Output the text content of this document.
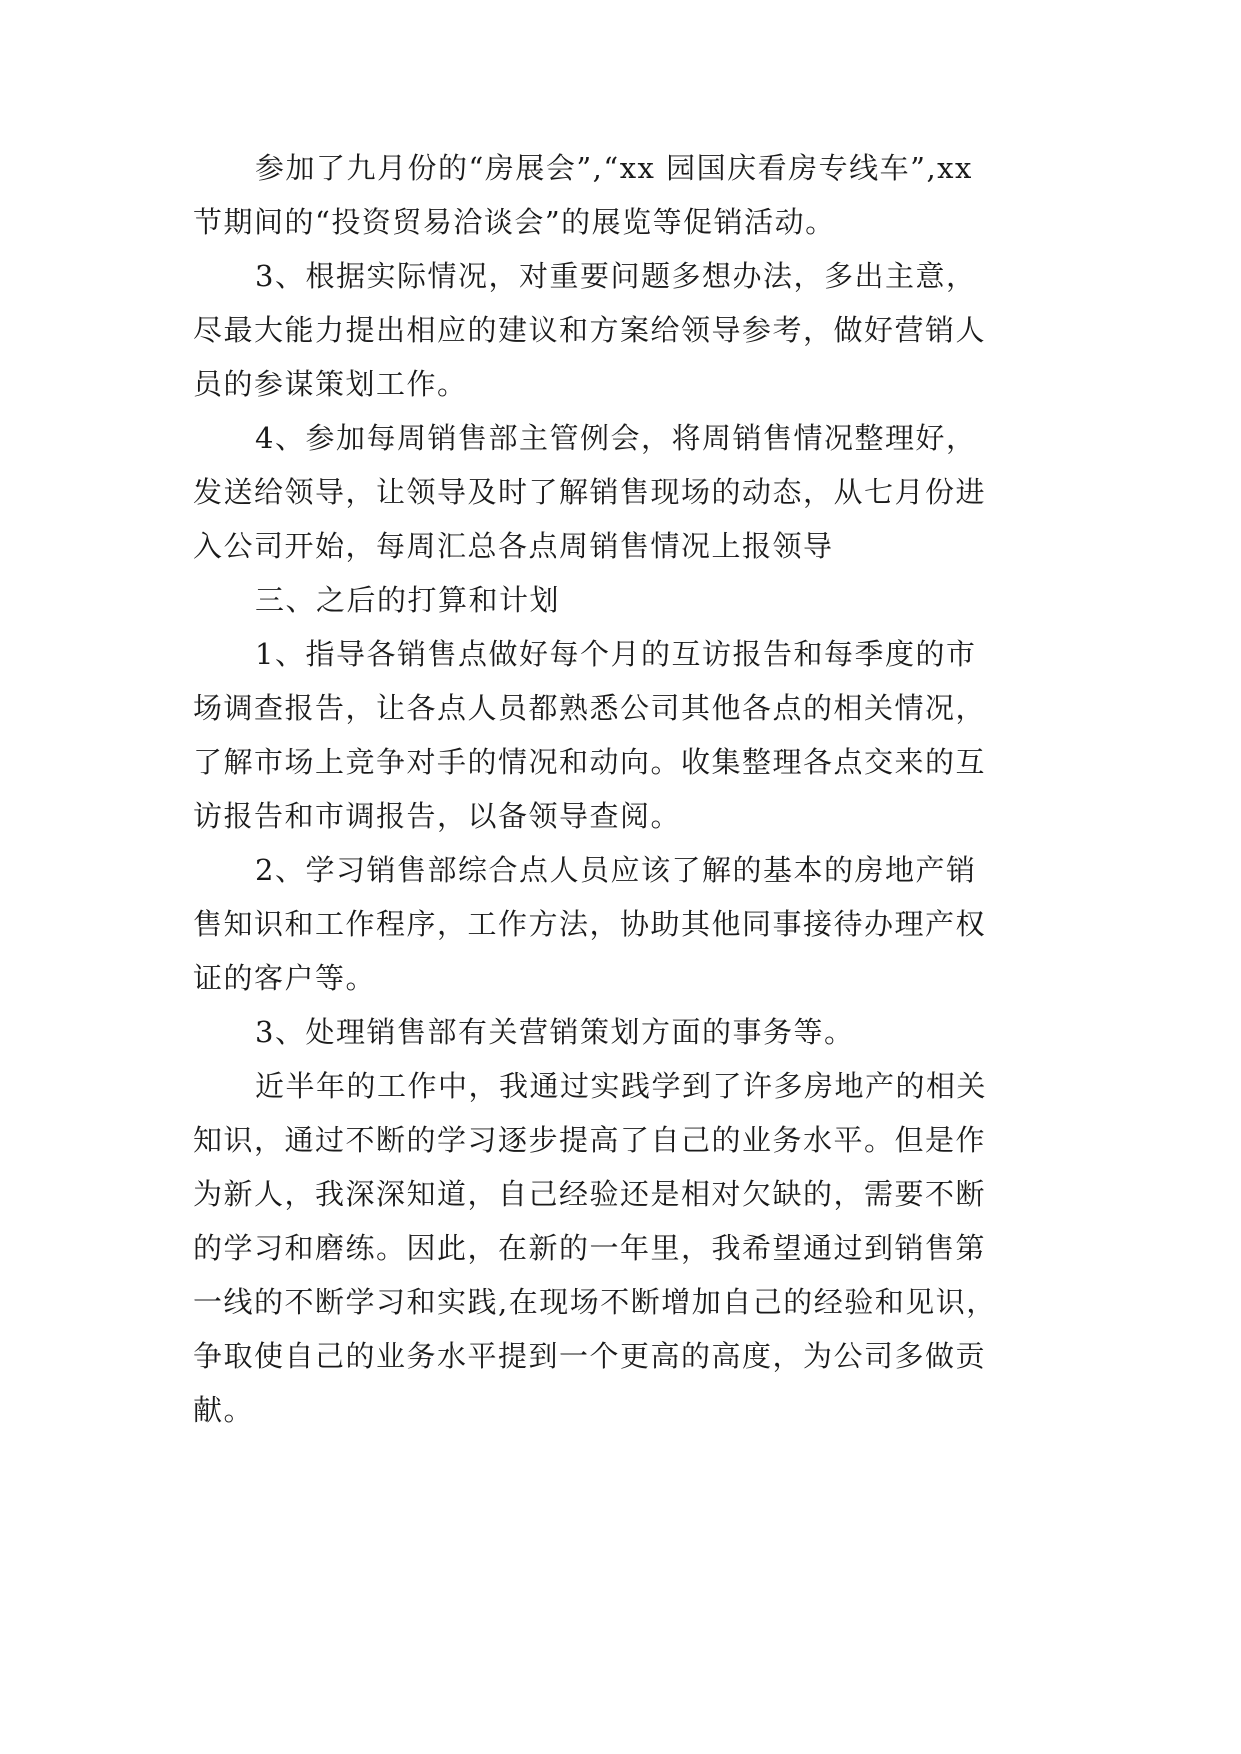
参加了九月份的“房展会”,“xx 园国庆看房专线车”,xx
节期间的“投资贸易洽谈会”的展览等促销活动。
3、根据实际情况，对重要问题多想办法，多出主意，
尽最大能力提出相应的建议和方案给领导参考，做好营销人
员的参谋策划工作。
4、参加每周销售部主管例会，将周销售情况整理好，
发送给领导，让领导及时了解销售现场的动态，从七月份进
入公司开始，每周汇总各点周销售情况上报领导
三、之后的打算和计划
1、指导各销售点做好每个月的互访报告和每季度的市
场调查报告，让各点人员都熟悉公司其他各点的相关情况，
了解市场上竞争对手的情况和动向。收集整理各点交来的互
访报告和市调报告，以备领导查阅。
2、学习销售部综合点人员应该了解的基本的房地产销
售知识和工作程序，工作方法，协助其他同事接待办理产权
证的客户等。
3、处理销售部有关营销策划方面的事务等。
近半年的工作中，我通过实践学到了许多房地产的相关
知识，通过不断的学习逐步提高了自己的业务水平。但是作
为新人，我深深知道，自己经验还是相对欠缺的，需要不断
的学习和磨练。因此，在新的一年里，我希望通过到销售第
一线的不断学习和实践,在现场不断增加自己的经验和见识，
争取使自己的业务水平提到一个更高的高度，为公司多做贡
献。
